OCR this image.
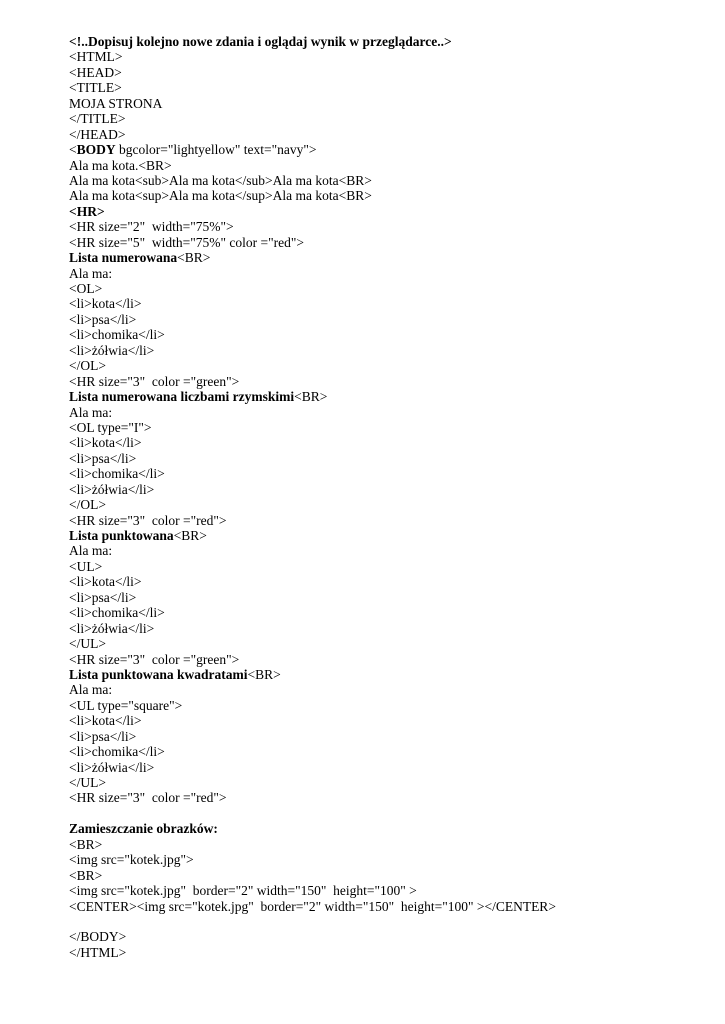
<!..Dopisuj kolejno nowe zdania i oglądaj wynik w przeglądarce..>
<HTML>
<HEAD>
<TITLE>
MOJA STRONA
</TITLE>
</HEAD>
<BODY bgcolor="lightyellow" text="navy">
Ala ma kota.<BR>
Ala ma kota<sub>Ala ma kota</sub>Ala ma kota<BR>
Ala ma kota<sup>Ala ma kota</sup>Ala ma kota<BR>
<HR>
<HR size="2"  width="75%">
<HR size="5"  width="75%" color ="red">
Lista numerowana<BR>
Ala ma:
<OL>
<li>kota</li>
<li>psa</li>
<li>chomika</li>
<li>żółwia</li>
</OL>
<HR size="3"  color ="green">
Lista numerowana liczbami rzymskimi<BR>
Ala ma:
<OL type="I">
<li>kota</li>
<li>psa</li>
<li>chomika</li>
<li>żółwia</li>
</OL>
<HR size="3"  color ="red">
Lista punktowana<BR>
Ala ma:
<UL>
<li>kota</li>
<li>psa</li>
<li>chomika</li>
<li>żółwia</li>
</UL>
<HR size="3"  color ="green">
Lista punktowana kwadratami<BR>
Ala ma:
<UL type="square">
<li>kota</li>
<li>psa</li>
<li>chomika</li>
<li>żółwia</li>
</UL>
<HR size="3"  color ="red">
Zamieszczanie obrazków:
<BR>
<img src="kotek.jpg">
<BR>
<img src="kotek.jpg"  border="2" width="150"  height="100" >
<CENTER><img src="kotek.jpg"  border="2" width="150"  height="100" ></CENTER>
</BODY>
</HTML>
